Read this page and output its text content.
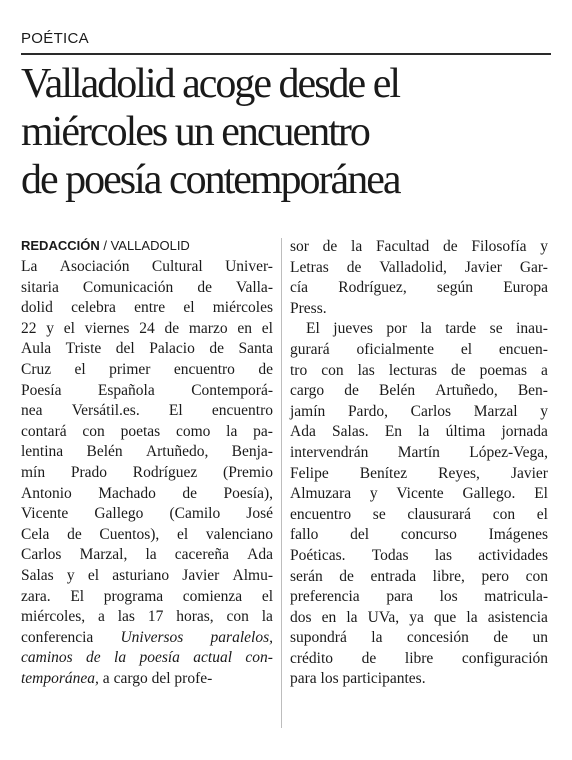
POÉTICA
Valladolid acoge desde el
miércoles un encuentro
de poesía contemporánea
REDACCIÓN / VALLADOLID
La Asociación Cultural Univer-
sitaria Comunicación de Valla-
dolid celebra entre el miércoles
22 y el viernes 24 de marzo en el
Aula Triste del Palacio de Santa
Cruz el primer encuentro de
Poesía Española Contemporá-
nea Versátil.es. El encuentro
contará con poetas como la pa-
lentina Belén Artuñedo, Benja-
mín Prado Rodríguez (Premio
Antonio Machado de Poesía),
Vicente Gallego (Camilo José
Cela de Cuentos), el valenciano
Carlos Marzal, la cacereña Ada
Salas y el asturiano Javier Almu-
zara. El programa comienza el
miércoles, a las 17 horas, con la
conferencia Universos paralelos,
caminos de la poesía actual con-
temporánea, a cargo del profe-
sor de la Facultad de Filosofía y
Letras de Valladolid, Javier Gar-
cía Rodríguez, según Europa
Press.
El jueves por la tarde se inau-
gurará oficialmente el encuen-
tro con las lecturas de poemas a
cargo de Belén Artuñedo, Ben-
jamín Pardo, Carlos Marzal y
Ada Salas. En la última jornada
intervendrán Martín López-Vega,
Felipe Benítez Reyes, Javier
Almuzara y Vicente Gallego. El
encuentro se clausurará con el
fallo del concurso Imágenes
Poéticas. Todas las actividades
serán de entrada libre, pero con
preferencia para los matricula-
dos en la UVa, ya que la asistencia
supondrá la concesión de un
crédito de libre configuración
para los participantes.
